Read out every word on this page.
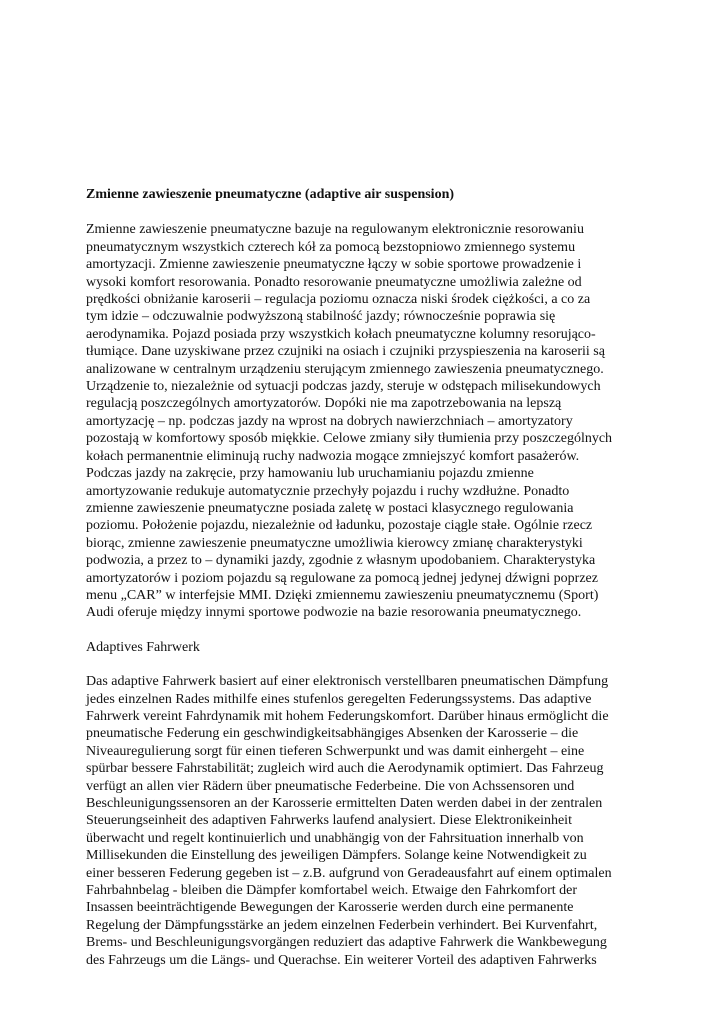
Zmienne zawieszenie pneumatyczne (adaptive air suspension)

Zmienne zawieszenie pneumatyczne bazuje na regulowanym elektronicznie resorowaniu
pneumatycznym wszystkich czterech kół za pomocą bezstopniowo zmiennego systemu
amortyzacji. Zmienne zawieszenie pneumatyczne łączy w sobie sportowe prowadzenie i
wysoki komfort resorowania. Ponadto resorowanie pneumatyczne umożliwia zależne od
prędkości obniżanie karoserii – regulacja poziomu oznacza niski środek ciężkości, a co za
tym idzie – odczuwalnie podwyższoną stabilność jazdy; równocześnie poprawia się
aerodynamika. Pojazd posiada przy wszystkich kołach pneumatyczne kolumny resorująco-
tłumiące. Dane uzyskiwane przez czujniki na osiach i czujniki przyspieszenia na karoserii są
analizowane w centralnym urządzeniu sterującym zmiennego zawieszenia pneumatycznego.
Urządzenie to, niezależnie od sytuacji podczas jazdy, steruje w odstępach milisekundowych
regulacją poszczególnych amortyzatorów. Dopóki nie ma zapotrzebowania na lepszą
amortyzację – np. podczas jazdy na wprost na dobrych nawierzchniach – amortyzatory
pozostają w komfortowy sposób miękkie. Celowe zmiany siły tłumienia przy poszczególnych
kołach permanentnie eliminują ruchy nadwozia mogące zmniejszyć komfort pasażerów.
Podczas jazdy na zakręcie, przy hamowaniu lub uruchamianiu pojazdu zmienne
amortyzowanie redukuje automatycznie przechyły pojazdu i ruchy wzdłużne. Ponadto
zmienne zawieszenie pneumatyczne posiada zaletę w postaci klasycznego regulowania
poziomu. Położenie pojazdu, niezależnie od ładunku, pozostaje ciągle stałe. Ogólnie rzecz
biorąc, zmienne zawieszenie pneumatyczne umożliwia kierowcy zmianę charakterystyki
podwozia, a przez to – dynamiki jazdy, zgodnie z własnym upodobaniem. Charakterystyka
amortyzatorów i poziom pojazdu są regulowane za pomocą jednej jedynej dźwigni poprzez
menu „CAR” w interfejsie MMI. Dzięki zmiennemu zawieszeniu pneumatycznemu (Sport)
Audi oferuje między innymi sportowe podwozie na bazie resorowania pneumatycznego.

Adaptives Fahrwerk

Das adaptive Fahrwerk basiert auf einer elektronisch verstellbaren pneumatischen Dämpfung
jedes einzelnen Rades mithilfe eines stufenlos geregelten Federungssystems. Das adaptive
Fahrwerk vereint Fahrdynamik mit hohem Federungskomfort. Darüber hinaus ermöglicht die
pneumatische Federung ein geschwindigkeitsabhängiges Absenken der Karosserie – die
Niveauregulierung sorgt für einen tieferen Schwerpunkt und was damit einhergeht – eine
spürbar bessere Fahrstabilität; zugleich wird auch die Aerodynamik optimiert. Das Fahrzeug
verfügt an allen vier Rädern über pneumatische Federbeine. Die von Achssensoren und
Beschleunigungssensoren an der Karosserie ermittelten Daten werden dabei in der zentralen
Steuerungseinheit des adaptiven Fahrwerks laufend analysiert. Diese Elektronikeinheit
überwacht und regelt kontinuierlich und unabhängig von der Fahrsituation innerhalb von
Millisekunden die Einstellung des jeweiligen Dämpfers. Solange keine Notwendigkeit zu
einer besseren Federung gegeben ist – z.B. aufgrund von Geradeausfahrt auf einem optimalen
Fahrbahnbelag - bleiben die Dämpfer komfortabel weich. Etwaige den Fahrkomfort der
Insassen beeinträchtigende Bewegungen der Karosserie werden durch eine permanente
Regelung der Dämpfungsstärke an jedem einzelnen Federbein verhindert. Bei Kurvenfahrt,
Brems- und Beschleunigungsvorgängen reduziert das adaptive Fahrwerk die Wankbewegung
des Fahrzeugs um die Längs- und Querachse. Ein weiterer Vorteil des adaptiven Fahrwerks
